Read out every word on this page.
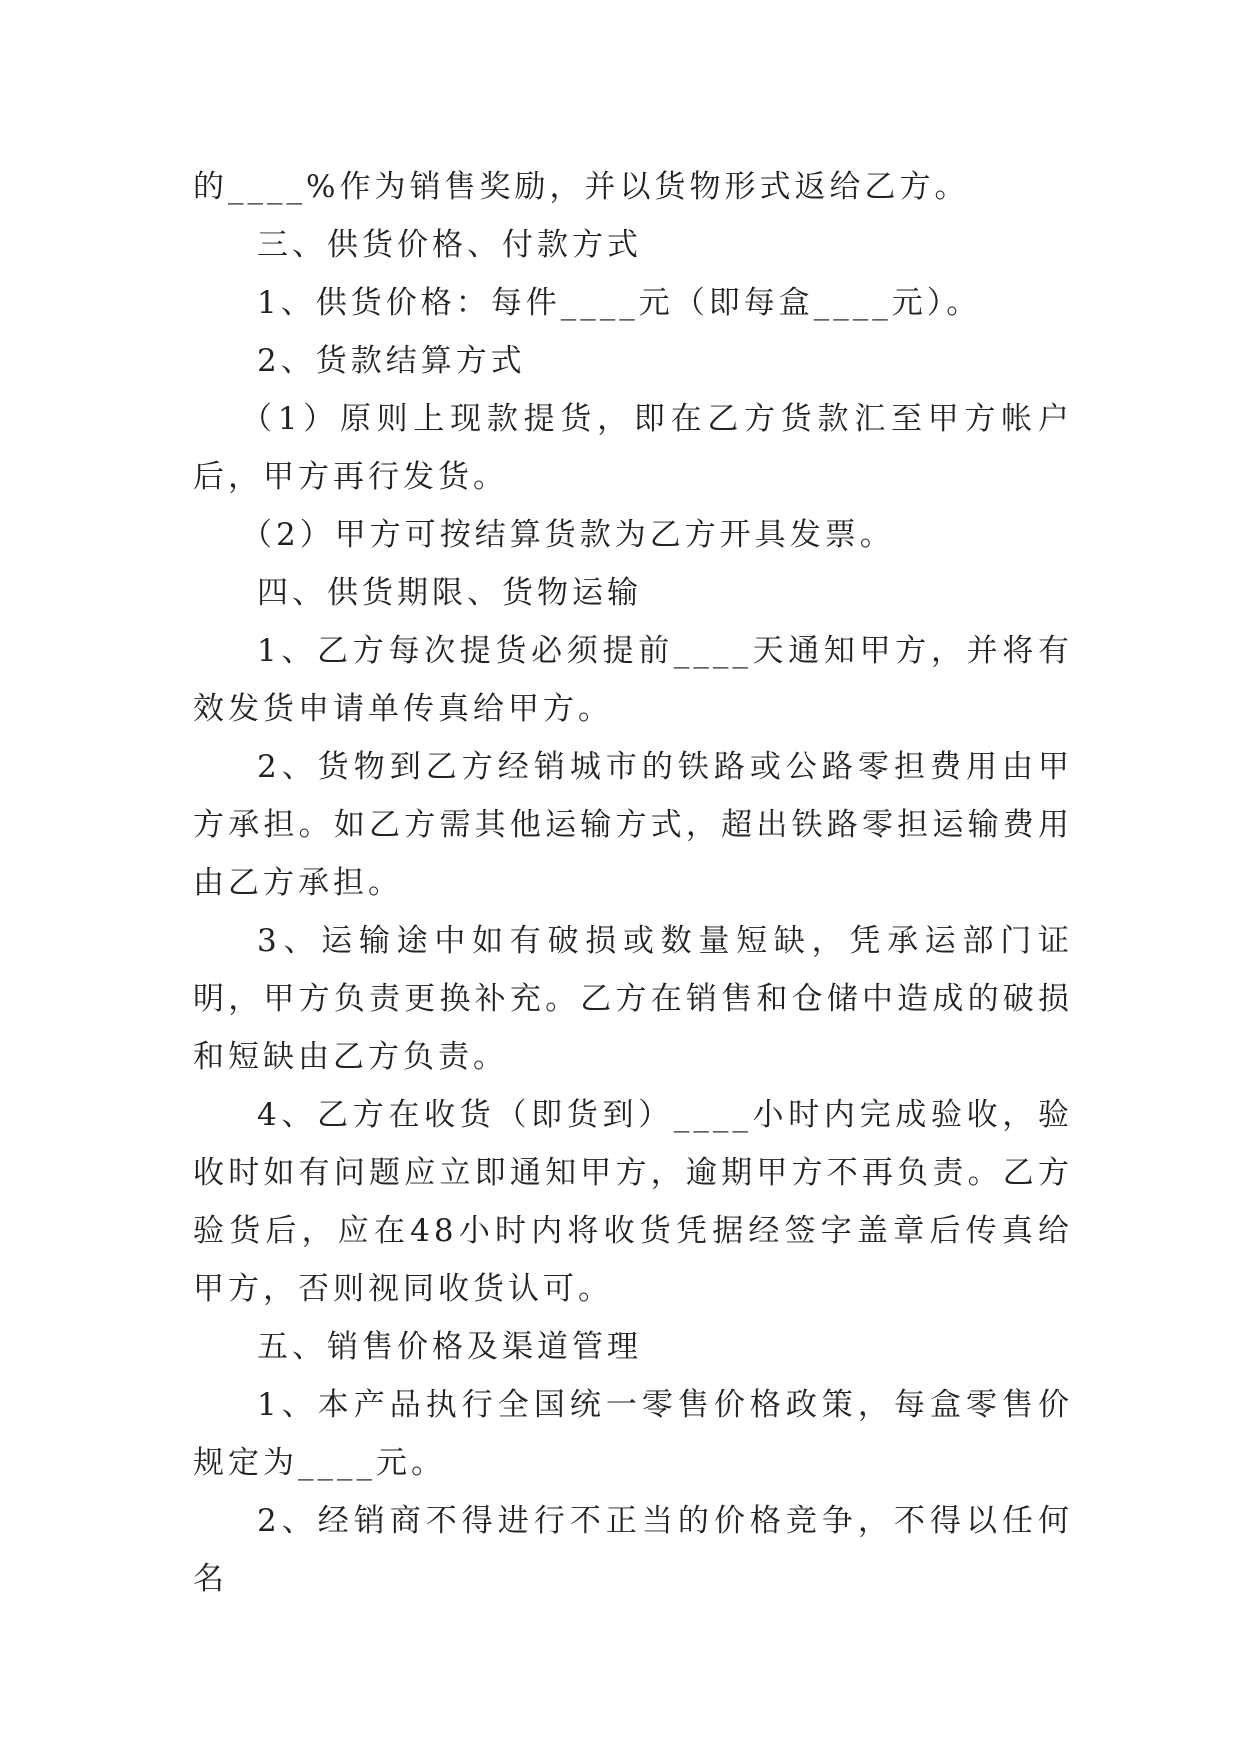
的____%作为销售奖励，并以货物形式返给乙方。

三、供货价格、付款方式

1、供货价格：每件____元（即每盒____元）。

2、货款结算方式

（1）原则上现款提货，即在乙方货款汇至甲方帐户后，甲方再行发货。

（2）甲方可按结算货款为乙方开具发票。

四、供货期限、货物运输

1、乙方每次提货必须提前____天通知甲方，并将有效发货申请单传真给甲方。

2、货物到乙方经销城市的铁路或公路零担费用由甲方承担。如乙方需其他运输方式，超出铁路零担运输费用由乙方承担。

3、运输途中如有破损或数量短缺，凭承运部门证明，甲方负责更换补充。乙方在销售和仓储中造成的破损和短缺由乙方负责。

4、乙方在收货（即货到）____小时内完成验收，验收时如有问题应立即通知甲方，逾期甲方不再负责。乙方验货后，应在48小时内将收货凭据经签字盖章后传真给甲方，否则视同收货认可。

五、销售价格及渠道管理

1、本产品执行全国统一零售价格政策，每盒零售价规定为____元。

2、经销商不得进行不正当的价格竞争，不得以任何名
